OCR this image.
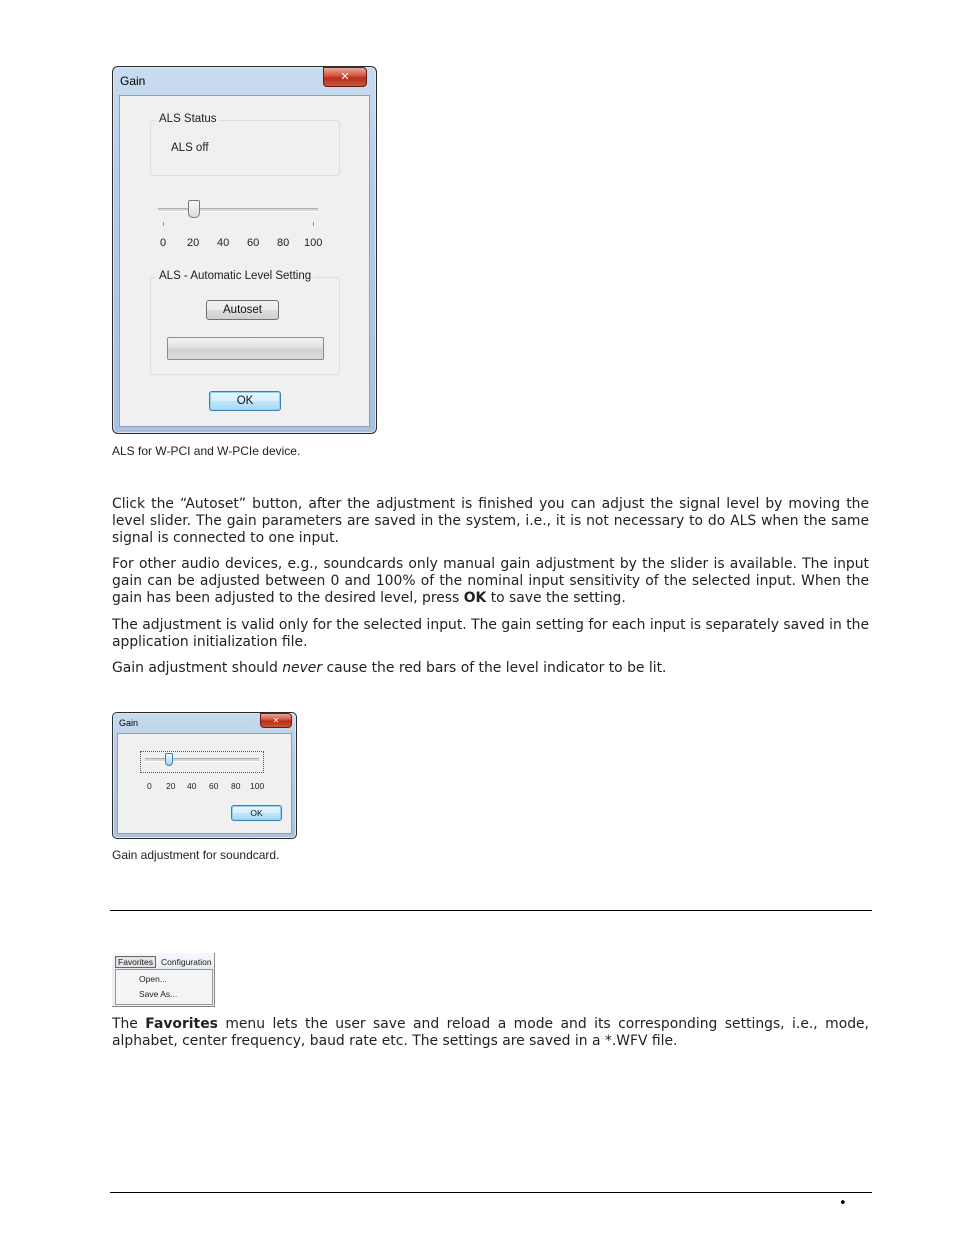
Gain	✕
ALS Status
ALS off
0 20 40 60 80 100
ALS - Automatic Level Setting
Autoset
OK
ALS for W-PCI and W-PCIe device.
Click the “Autoset” button, after the adjustment is finished you can adjust the signal level by moving the level slider. The gain parameters are saved in the system, i.e., it is not necessary to do ALS when the same signal is connected to one input.
For other audio devices, e.g., soundcards only manual gain adjustment by the slider is available. The input gain can be adjusted between 0 and 100% of the nominal input sensitivity of the selected input. When the gain has been adjusted to the desired level, press OK to save the setting.
The adjustment is valid only for the selected input. The gain setting for each input is separately saved in the application initialization file.
Gain adjustment should never cause the red bars of the level indicator to be lit.
Gain	✕
0 20 40 60 80 100
OK
Gain adjustment for soundcard.
Favorites Configuration
Open...
Save As...
The Favorites menu lets the user save and reload a mode and its corresponding settings, i.e., mode, alphabet, center frequency, baud rate etc. The settings are saved in a *.WFV file.
•
